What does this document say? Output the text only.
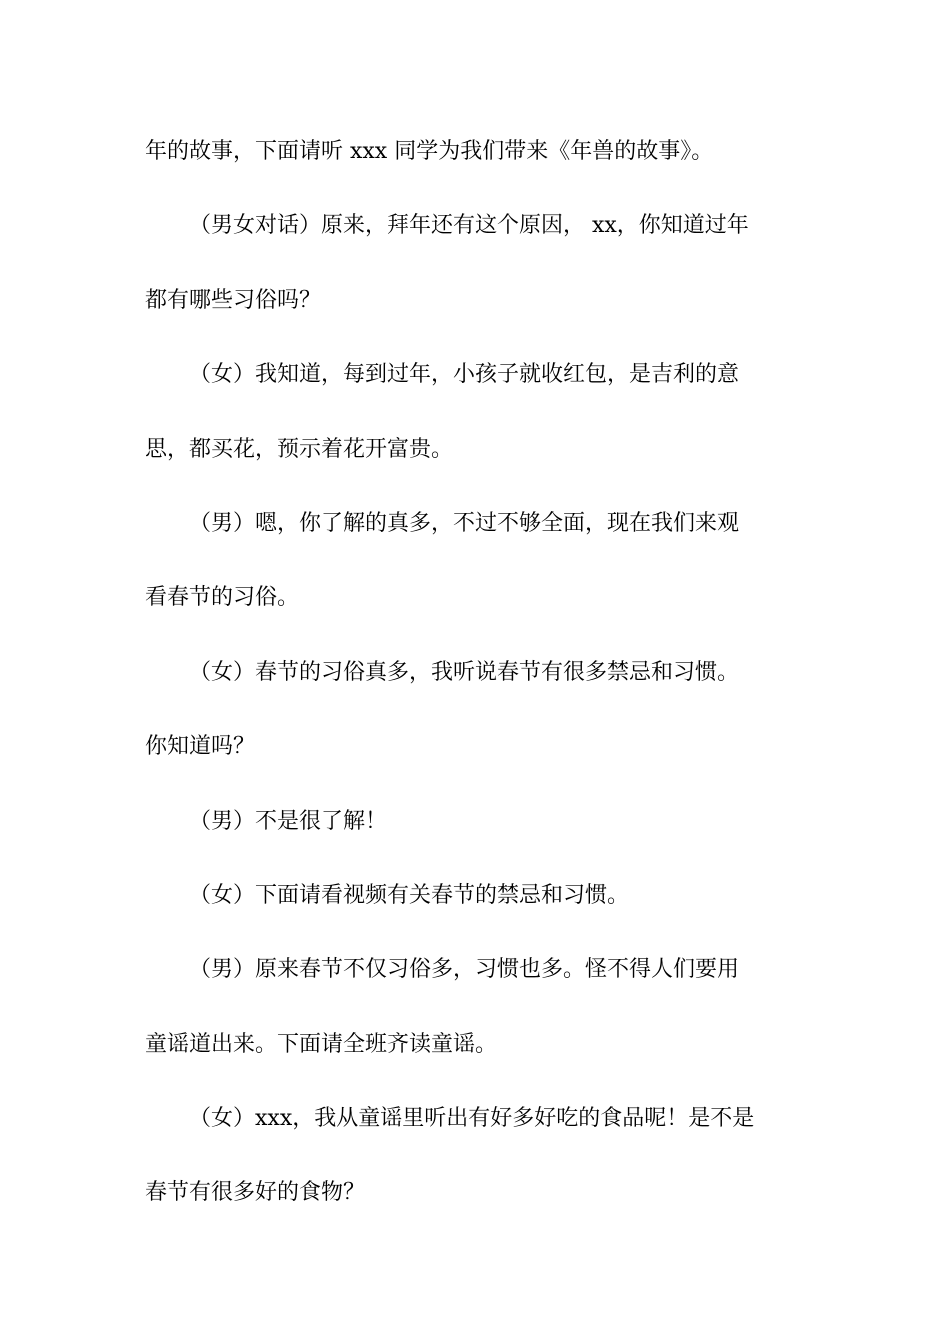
年的故事，下面请听 xxx 同学为我们带来《年兽的故事》。
（男女对话）原来，拜年还有这个原因， xx，你知道过年
都有哪些习俗吗？
（女）我知道，每到过年，小孩子就收红包，是吉利的意
思，都买花，预示着花开富贵。
（男）嗯，你了解的真多，不过不够全面，现在我们来观
看春节的习俗。
（女）春节的习俗真多，我听说春节有很多禁忌和习惯。
你知道吗？
（男）不是很了解！
（女）下面请看视频有关春节的禁忌和习惯。
（男）原来春节不仅习俗多，习惯也多。怪不得人们要用
童谣道出来。下面请全班齐读童谣。
（女）xxx，我从童谣里听出有好多好吃的食品呢！是不是
春节有很多好的食物？
